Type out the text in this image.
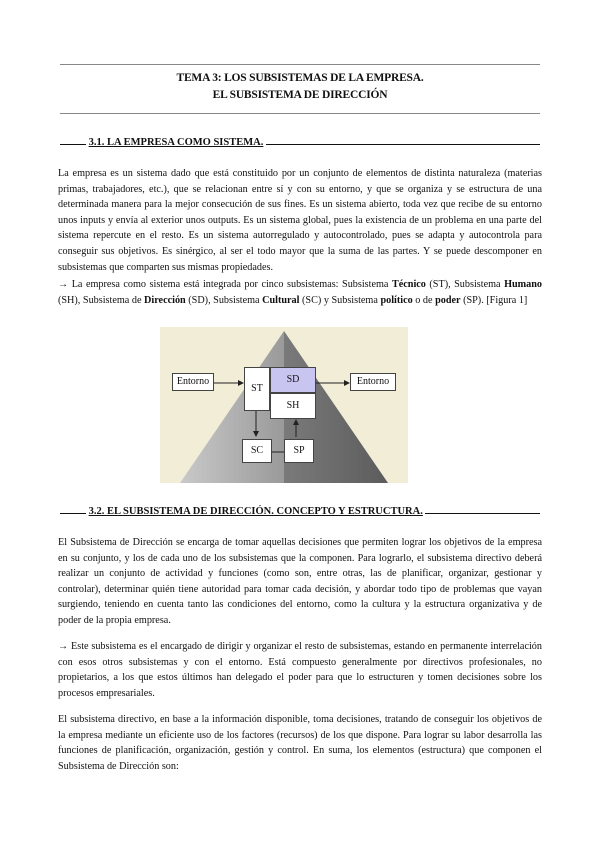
TEMA 3: LOS SUBSISTEMAS DE LA EMPRESA.
EL SUBSISTEMA DE DIRECCIÓN
3.1. LA EMPRESA COMO SISTEMA.
La empresa es un sistema dado que está constituido por un conjunto de elementos de distinta naturaleza (materias primas, trabajadores, etc.), que se relacionan entre sí y con su entorno, y que se organiza y se estructura de una determinada manera para la mejor consecución de sus fines. Es un sistema abierto, toda vez que recibe de su entorno unos inputs y envía al exterior unos outputs. Es un sistema global, pues la existencia de un problema en una parte del sistema repercute en el resto. Es un sistema autorregulado y autocontrolado, pues se adapta y autocontrola para conseguir sus objetivos. Es sinérgico, al ser el todo mayor que la suma de las partes. Y se puede descomponer en subsistemas que comparten sus mismas propiedades.
→ La empresa como sistema está integrada por cinco subsistemas: Subsistema Técnico (ST), Subsistema Humano (SH), Subsistema de Dirección (SD), Subsistema Cultural (SC) y Subsistema político o de poder (SP). [Figura 1]
Entorno
ST
SD
SH
Entorno
SC	SP
3.2. EL SUBSISTEMA DE DIRECCIÓN. CONCEPTO Y ESTRUCTURA.
El Subsistema de Dirección se encarga de tomar aquellas decisiones que permiten lograr los objetivos de la empresa en su conjunto, y los de cada uno de los subsistemas que la componen. Para lograrlo, el subsistema directivo deberá realizar un conjunto de actividad y funciones (como son, entre otras, las de planificar, organizar, gestionar y controlar), determinar quién tiene autoridad para tomar cada decisión, y abordar todo tipo de problemas que vayan surgiendo, teniendo en cuenta tanto las condiciones del entorno, como la cultura y la estructura organizativa y de poder de la propia empresa.
→ Este subsistema es el encargado de dirigir y organizar el resto de subsistemas, estando en permanente interrelación con esos otros subsistemas y con el entorno. Está compuesto generalmente por directivos profesionales, no propietarios, a los que estos últimos han delegado el poder para que lo estructuren y tomen decisiones sobre los procesos empresariales.
El subsistema directivo, en base a la información disponible, toma decisiones, tratando de conseguir los objetivos de la empresa mediante un eficiente uso de los factores (recursos) de los que dispone. Para lograr su labor desarrolla las funciones de planificación, organización, gestión y control. En suma, los elementos (estructura) que componen el Subsistema de Dirección son:
